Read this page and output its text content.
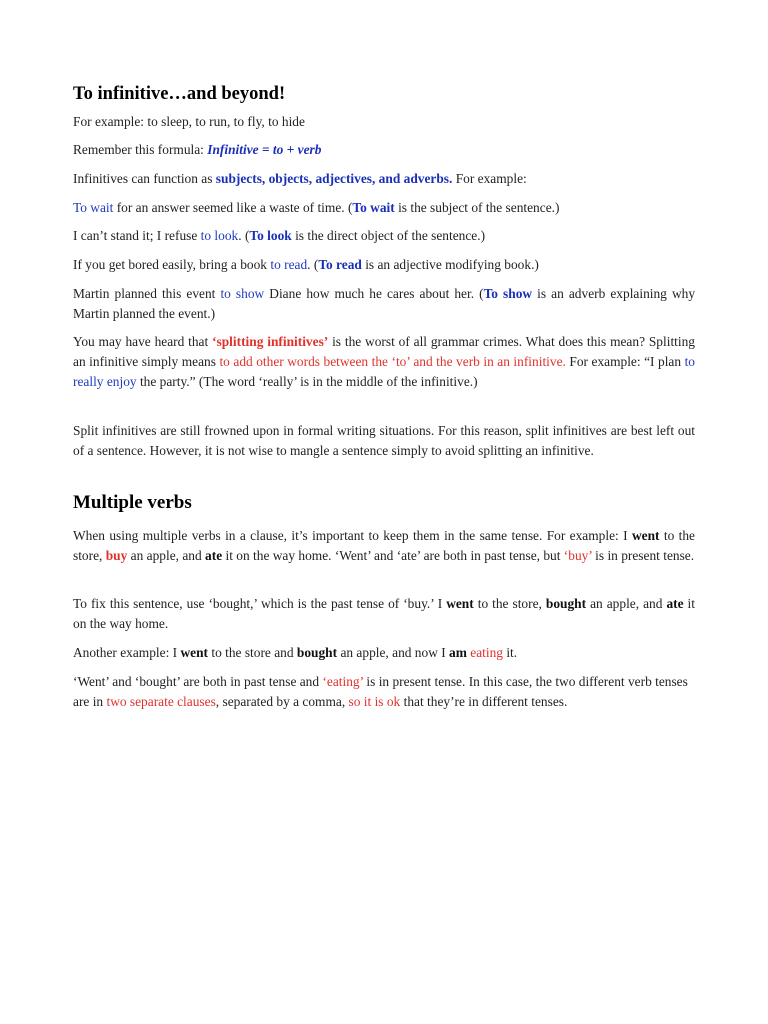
To infinitive…and beyond!

For example: to sleep, to run, to fly, to hide

Remember this formula: Infinitive = to + verb

Infinitives can function as subjects, objects, adjectives, and adverbs. For example:

To wait for an answer seemed like a waste of time. (To wait is the subject of the sentence.)

I can’t stand it; I refuse to look. (To look is the direct object of the sentence.)

If you get bored easily, bring a book to read. (To read is an adjective modifying book.)

Martin planned this event to show Diane how much he cares about her. (To show is an adverb explaining why Martin planned the event.)

You may have heard that ‘splitting infinitives’ is the worst of all grammar crimes. What does this mean? Splitting an infinitive simply means to add other words between the ‘to’ and the verb in an infinitive. For example: “I plan to really enjoy the party.” (The word ‘really’ is in the middle of the infinitive.)

Split infinitives are still frowned upon in formal writing situations. For this reason, split infinitives are best left out of a sentence. However, it is not wise to mangle a sentence simply to avoid splitting an infinitive.

Multiple verbs

When using multiple verbs in a clause, it’s important to keep them in the same tense. For example: I went to the store, buy an apple, and ate it on the way home. ‘Went’ and ‘ate’ are both in past tense, but ‘buy’ is in present tense.

To fix this sentence, use ‘bought,’ which is the past tense of ‘buy.’ I went to the store, bought an apple, and ate it on the way home.

Another example: I went to the store and bought an apple, and now I am eating it.

‘Went’ and ‘bought’ are both in past tense and ‘eating’ is in present tense. In this case, the two different verb tenses are in two separate clauses, separated by a comma, so it is ok that they’re in different tenses.
